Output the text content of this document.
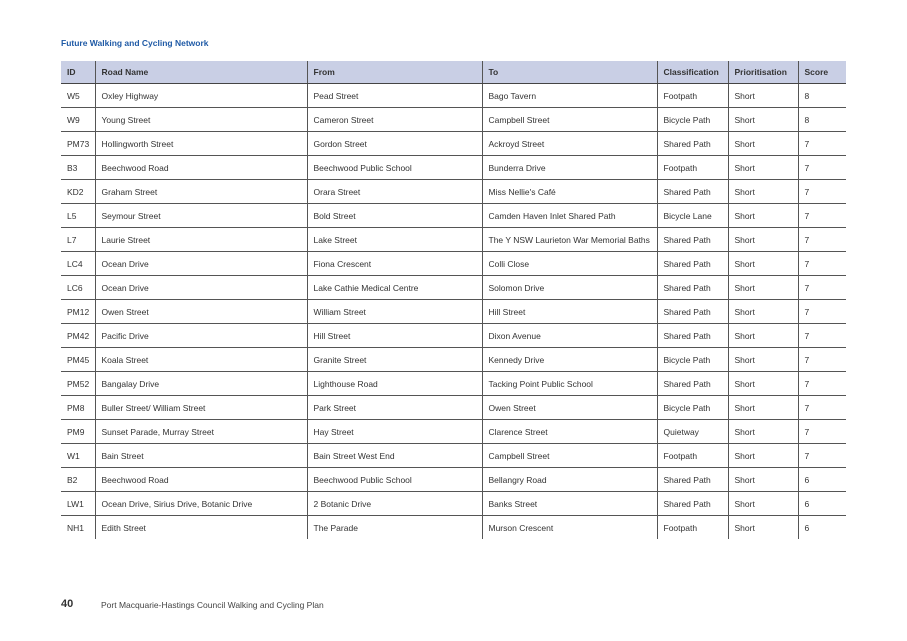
Future Walking and Cycling Network
ID	Road Name	From	To	Classification	Prioritisation	Score
W5	Oxley Highway	Pead Street	Bago Tavern	Footpath	Short	8
W9	Young Street	Cameron Street	Campbell Street	Bicycle Path	Short	8
PM73	Hollingworth Street	Gordon Street	Ackroyd Street	Shared Path	Short	7
B3	Beechwood Road	Beechwood Public School	Bunderra Drive	Footpath	Short	7
KD2	Graham Street	Orara Street	Miss Nellie's Café	Shared Path	Short	7
L5	Seymour Street	Bold Street	Camden Haven Inlet Shared Path	Bicycle Lane	Short	7
L7	Laurie Street	Lake Street	The Y NSW Laurieton War Memorial Baths	Shared Path	Short	7
LC4	Ocean Drive	Fiona Crescent	Colli Close	Shared Path	Short	7
LC6	Ocean Drive	Lake Cathie Medical Centre	Solomon Drive	Shared Path	Short	7
PM12	Owen Street	William Street	Hill Street	Shared Path	Short	7
PM42	Pacific Drive	Hill Street	Dixon Avenue	Shared Path	Short	7
PM45	Koala Street	Granite Street	Kennedy Drive	Bicycle Path	Short	7
PM52	Bangalay Drive	Lighthouse Road	Tacking Point Public School	Shared Path	Short	7
PM8	Buller Street/ William Street	Park Street	Owen Street	Bicycle Path	Short	7
PM9	Sunset Parade, Murray Street	Hay Street	Clarence Street	Quietway	Short	7
W1	Bain Street	Bain Street West End	Campbell Street	Footpath	Short	7
B2	Beechwood Road	Beechwood Public School	Bellangry Road	Shared Path	Short	6
LW1	Ocean Drive, Sirius Drive, Botanic Drive	2 Botanic Drive	Banks Street	Shared Path	Short	6
NH1	Edith Street	The Parade	Murson Crescent	Footpath	Short	6
40	Port Macquarie-Hastings Council Walking and Cycling Plan
